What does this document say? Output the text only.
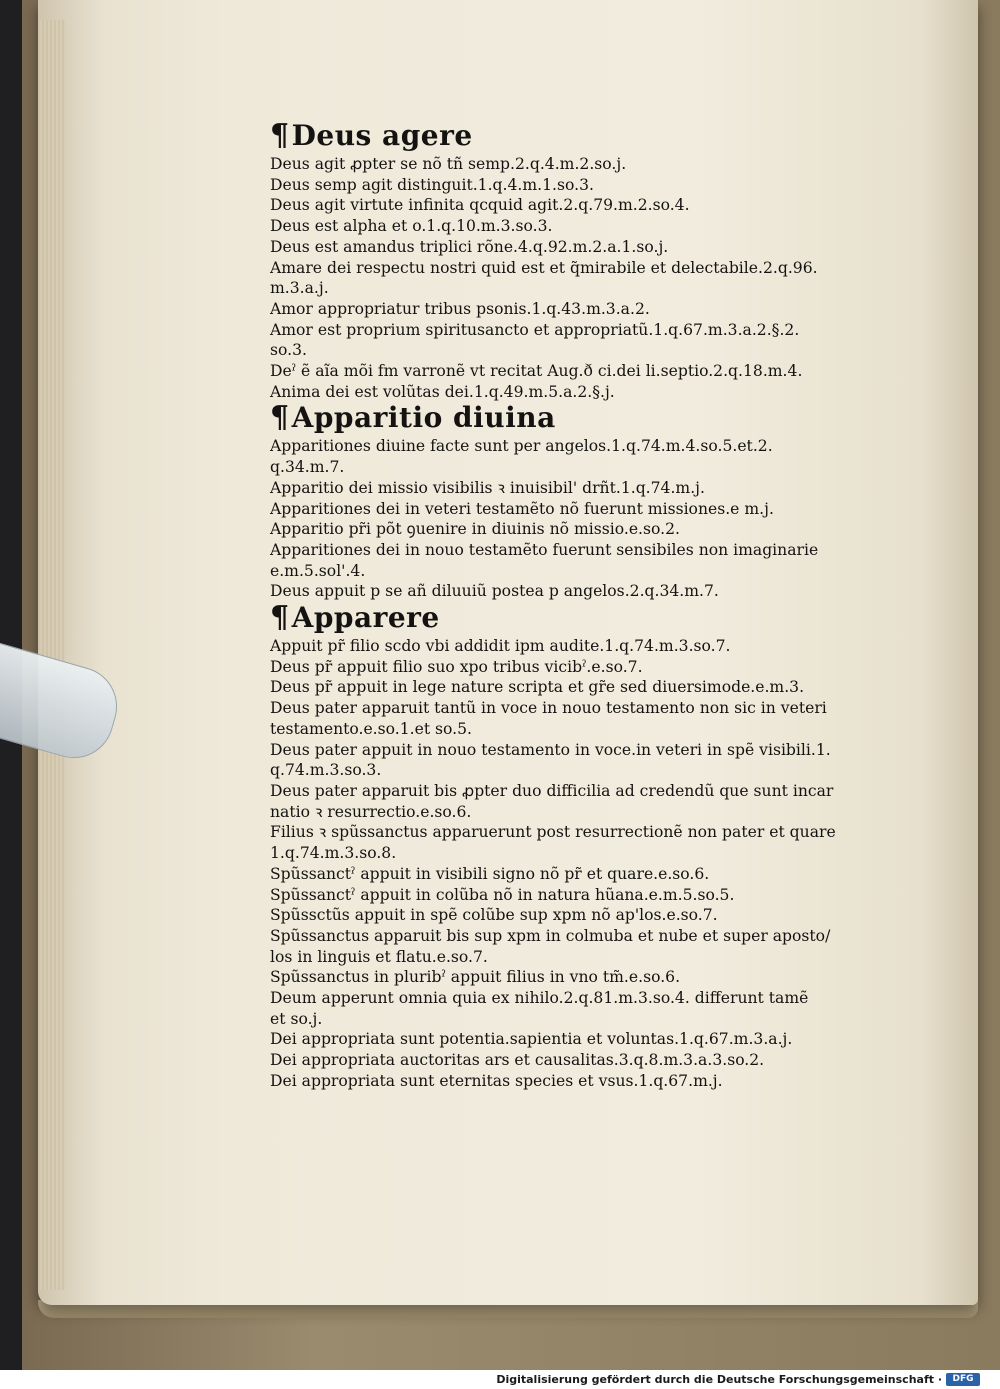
¶Deus agere
Deus agit ꝓpter se nõ tñ semp.2.q.4.m.2.so.j.
Deus semp agit distinguit.1.q.4.m.1.so.3.
Deus agit virtute infinita qcquid agit.2.q.79.m.2.so.4.
Deus est alpha et o.1.q.10.m.3.so.3.
Deus est amandus triplici rõne.4.q.92.m.2.a.1.so.j.
Amare dei respectu nostri quid est et q̃mirabile et delectabile.2.q.96.
m.3.a.j.
Amor appropriatur tribus psonis.1.q.43.m.3.a.2.
Amor est proprium spiritusancto et appropriatũ.1.q.67.m.3.a.2.§.2.
so.3.
Deˀ ẽ aĩa mõi fm varronẽ vt recitat Aug.ð ci.dei li.septio.2.q.18.m.4.
Anima dei est volũtas dei.1.q.49.m.5.a.2.§.j.
¶Apparitio diuina
Apparitiones diuine facte sunt per angelos.1.q.74.m.4.so.5.et.2.
q.34.m.7.
Apparitio dei missio visibilis ꝛ inuisibil' drñt.1.q.74.m.j.
Apparitiones dei in veteri testamẽto nõ fuerunt missiones.e m.j.
Apparitio pr̃i põt ꝯuenire in diuinis nõ missio.e.so.2.
Apparitiones dei in nouo testamẽto fuerunt sensibiles non imaginarie
e.m.5.sol'.4.
Deus appuit p se añ diluuiũ postea p angelos.2.q.34.m.7.
¶Apparere
Appuit pr̃ filio scdo vbi addidit ipm audite.1.q.74.m.3.so.7.
Deus pr̃ appuit filio suo xpo tribus vicibˀ.e.so.7.
Deus pr̃ appuit in lege nature scripta et gr̃e sed diuersimode.e.m.3.
Deus pater apparuit tantũ in voce in nouo testamento non sic in veteri
testamento.e.so.1.et so.5.
Deus pater appuit in nouo testamento in voce.in veteri in spẽ visibili.1.
q.74.m.3.so.3.
Deus pater apparuit bis ꝓpter duo difficilia ad credendũ que sunt incar
natio ꝛ resurrectio.e.so.6.
Filius ꝛ spũssanctus apparuerunt post resurrectionẽ non pater et quare
1.q.74.m.3.so.8.
Spũssanctˀ appuit in visibili signo nõ pr̃ et quare.e.so.6.
Spũssanctˀ appuit in colũba nõ in natura hũana.e.m.5.so.5.
Spũssctũs appuit in spẽ colũbe sup xpm nõ ap'los.e.so.7.
Spũssanctus apparuit bis sup xpm in colmuba et nube et super aposto/
los in linguis et flatu.e.so.7.
Spũssanctus in pluribˀ appuit filius in vno tm̃.e.so.6.
Deum apperunt omnia quia ex nihilo.2.q.81.m.3.so.4. differunt tamẽ
et so.j.
Dei appropriata sunt potentia.sapientia et voluntas.1.q.67.m.3.a.j.
Dei appropriata auctoritas ars et causalitas.3.q.8.m.3.a.3.so.2.
Dei appropriata sunt eternitas species et vsus.1.q.67.m.j.
Digitalisierung gefördert durch die Deutsche Forschungsgemeinschaft ·	DFG
